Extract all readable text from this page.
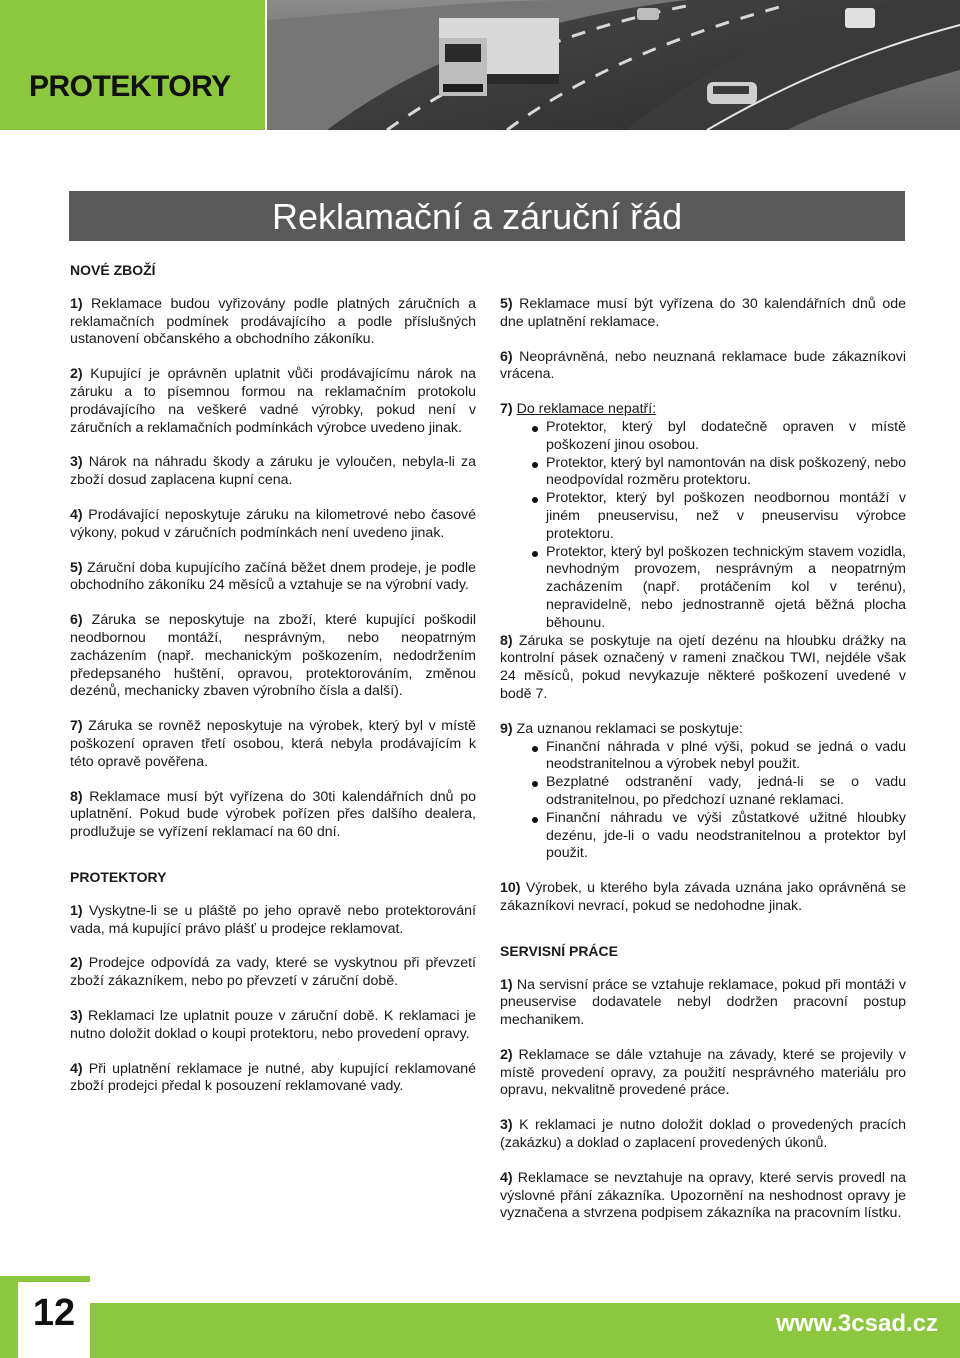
PROTEKTORY
Reklamační a záruční řád
NOVÉ ZBOŽÍ
1) Reklamace budou vyřizovány podle platných záručních a reklamačních podmínek prodávajícího a podle příslušných ustanovení občanského a obchodního zákoníku.
2) Kupující je oprávněn uplatnit vůči prodávajícímu nárok na záruku a to písemnou formou na reklamačním protokolu prodávajícího na veškeré vadné výrobky, pokud není v záručních a reklamačních podmínkách výrobce uvedeno jinak.
3) Nárok na náhradu škody a záruku je vyloučen, nebyla-li za zboží dosud zaplacena kupní cena.
4) Prodávající neposkytuje záruku na kilometrové nebo časové výkony, pokud v záručních podmínkách není uvedeno jinak.
5) Záruční doba kupujícího začíná běžet dnem prodeje, je podle obchodního zákoníku 24 měsíců a vztahuje se na výrobní vady.
6) Záruka se neposkytuje na zboží, které kupující poškodil neodbornou montáží, nesprávným, nebo neopatrným zacházením (např. mechanickým poškozením, nedodržením předepsaného huštění, opravou, protektorováním, změnou dezénů, mechanicky zbaven výrobního čísla a další).
7) Záruka se rovněž neposkytuje na výrobek, který byl v místě poškození opraven třetí osobou, která nebyla prodávajícím k této opravě pověřena.
8) Reklamace musí být vyřízena do 30ti kalendářních dnů po uplatnění. Pokud bude výrobek pořízen přes dalšího dealera, prodlužuje se vyřízení reklamací na 60 dní.
PROTEKTORY
1) Vyskytne-li se u pláště po jeho opravě nebo protektorování vada, má kupující právo plášť u prodejce reklamovat.
2) Prodejce odpovídá za vady, které se vyskytnou při převzetí zboží zákazníkem, nebo po převzetí v záruční době.
3) Reklamaci lze uplatnit pouze v záruční době. K reklamaci je nutno doložit doklad o koupi protektoru, nebo provedení opravy.
4) Při uplatnění reklamace je nutné, aby kupující reklamované zboží prodejci předal k posouzení reklamované vady.
5) Reklamace musí být vyřízena do 30 kalendářních dnů ode dne uplatnění reklamace.
6) Neoprávněná, nebo neuznaná reklamace bude zákazníkovi vrácena.
7) Do reklamace nepatří:
Protektor, který byl dodatečně opraven v místě poškození jinou osobou.
Protektor, který byl namontován na disk poškozený, nebo neodpovídal rozměru protektoru.
Protektor, který byl poškozen neodbornou montáží v jiném pneuservisu, než v pneuservisu výrobce protektoru.
Protektor, který byl poškozen technickým stavem vozidla, nevhodným provozem, nesprávným a neopatrným zacházením (např. protáčením kol v terénu), nepravidelně, nebo jednostranně ojetá běžná plocha běhounu.
8) Záruka se poskytuje na ojetí dezénu na hloubku drážky na kontrolní pásek označený v rameni značkou TWI, nejdéle však 24 měsíců, pokud nevykazuje některé poškození uvedené v bodě 7.
9) Za uznanou reklamaci se poskytuje:
Finanční náhrada v plné výši, pokud se jedná o vadu neodstranitelnou a výrobek nebyl použit.
Bezplatné odstranění vady, jedná-li se o vadu odstranitelnou, po předchozí uznané reklamaci.
Finanční náhradu ve výši zůstatkové užitné hloubky dezénu, jde-li o vadu neodstranitelnou a protektor byl použit.
10) Výrobek, u kterého byla závada uznána jako oprávněná se zákazníkovi nevrací, pokud se nedohodne jinak.
SERVISNÍ PRÁCE
1) Na servisní práce se vztahuje reklamace, pokud při montáži v pneuservise dodavatele nebyl dodržen pracovní postup mechanikem.
2) Reklamace se dále vztahuje na závady, které se projevily v místě provedení opravy, za použití nesprávného materiálu pro opravu, nekvalitně provedené práce.
3) K reklamaci je nutno doložit doklad o provedených pracích (zakázku) a doklad o zaplacení provedených úkonů.
4) Reklamace se nevztahuje na opravy, které servis provedl na výslovné přání zákazníka. Upozornění na neshodnost opravy je vyznačena a stvrzena podpisem zákazníka na pracovním lístku.
12	www.3csad.cz
